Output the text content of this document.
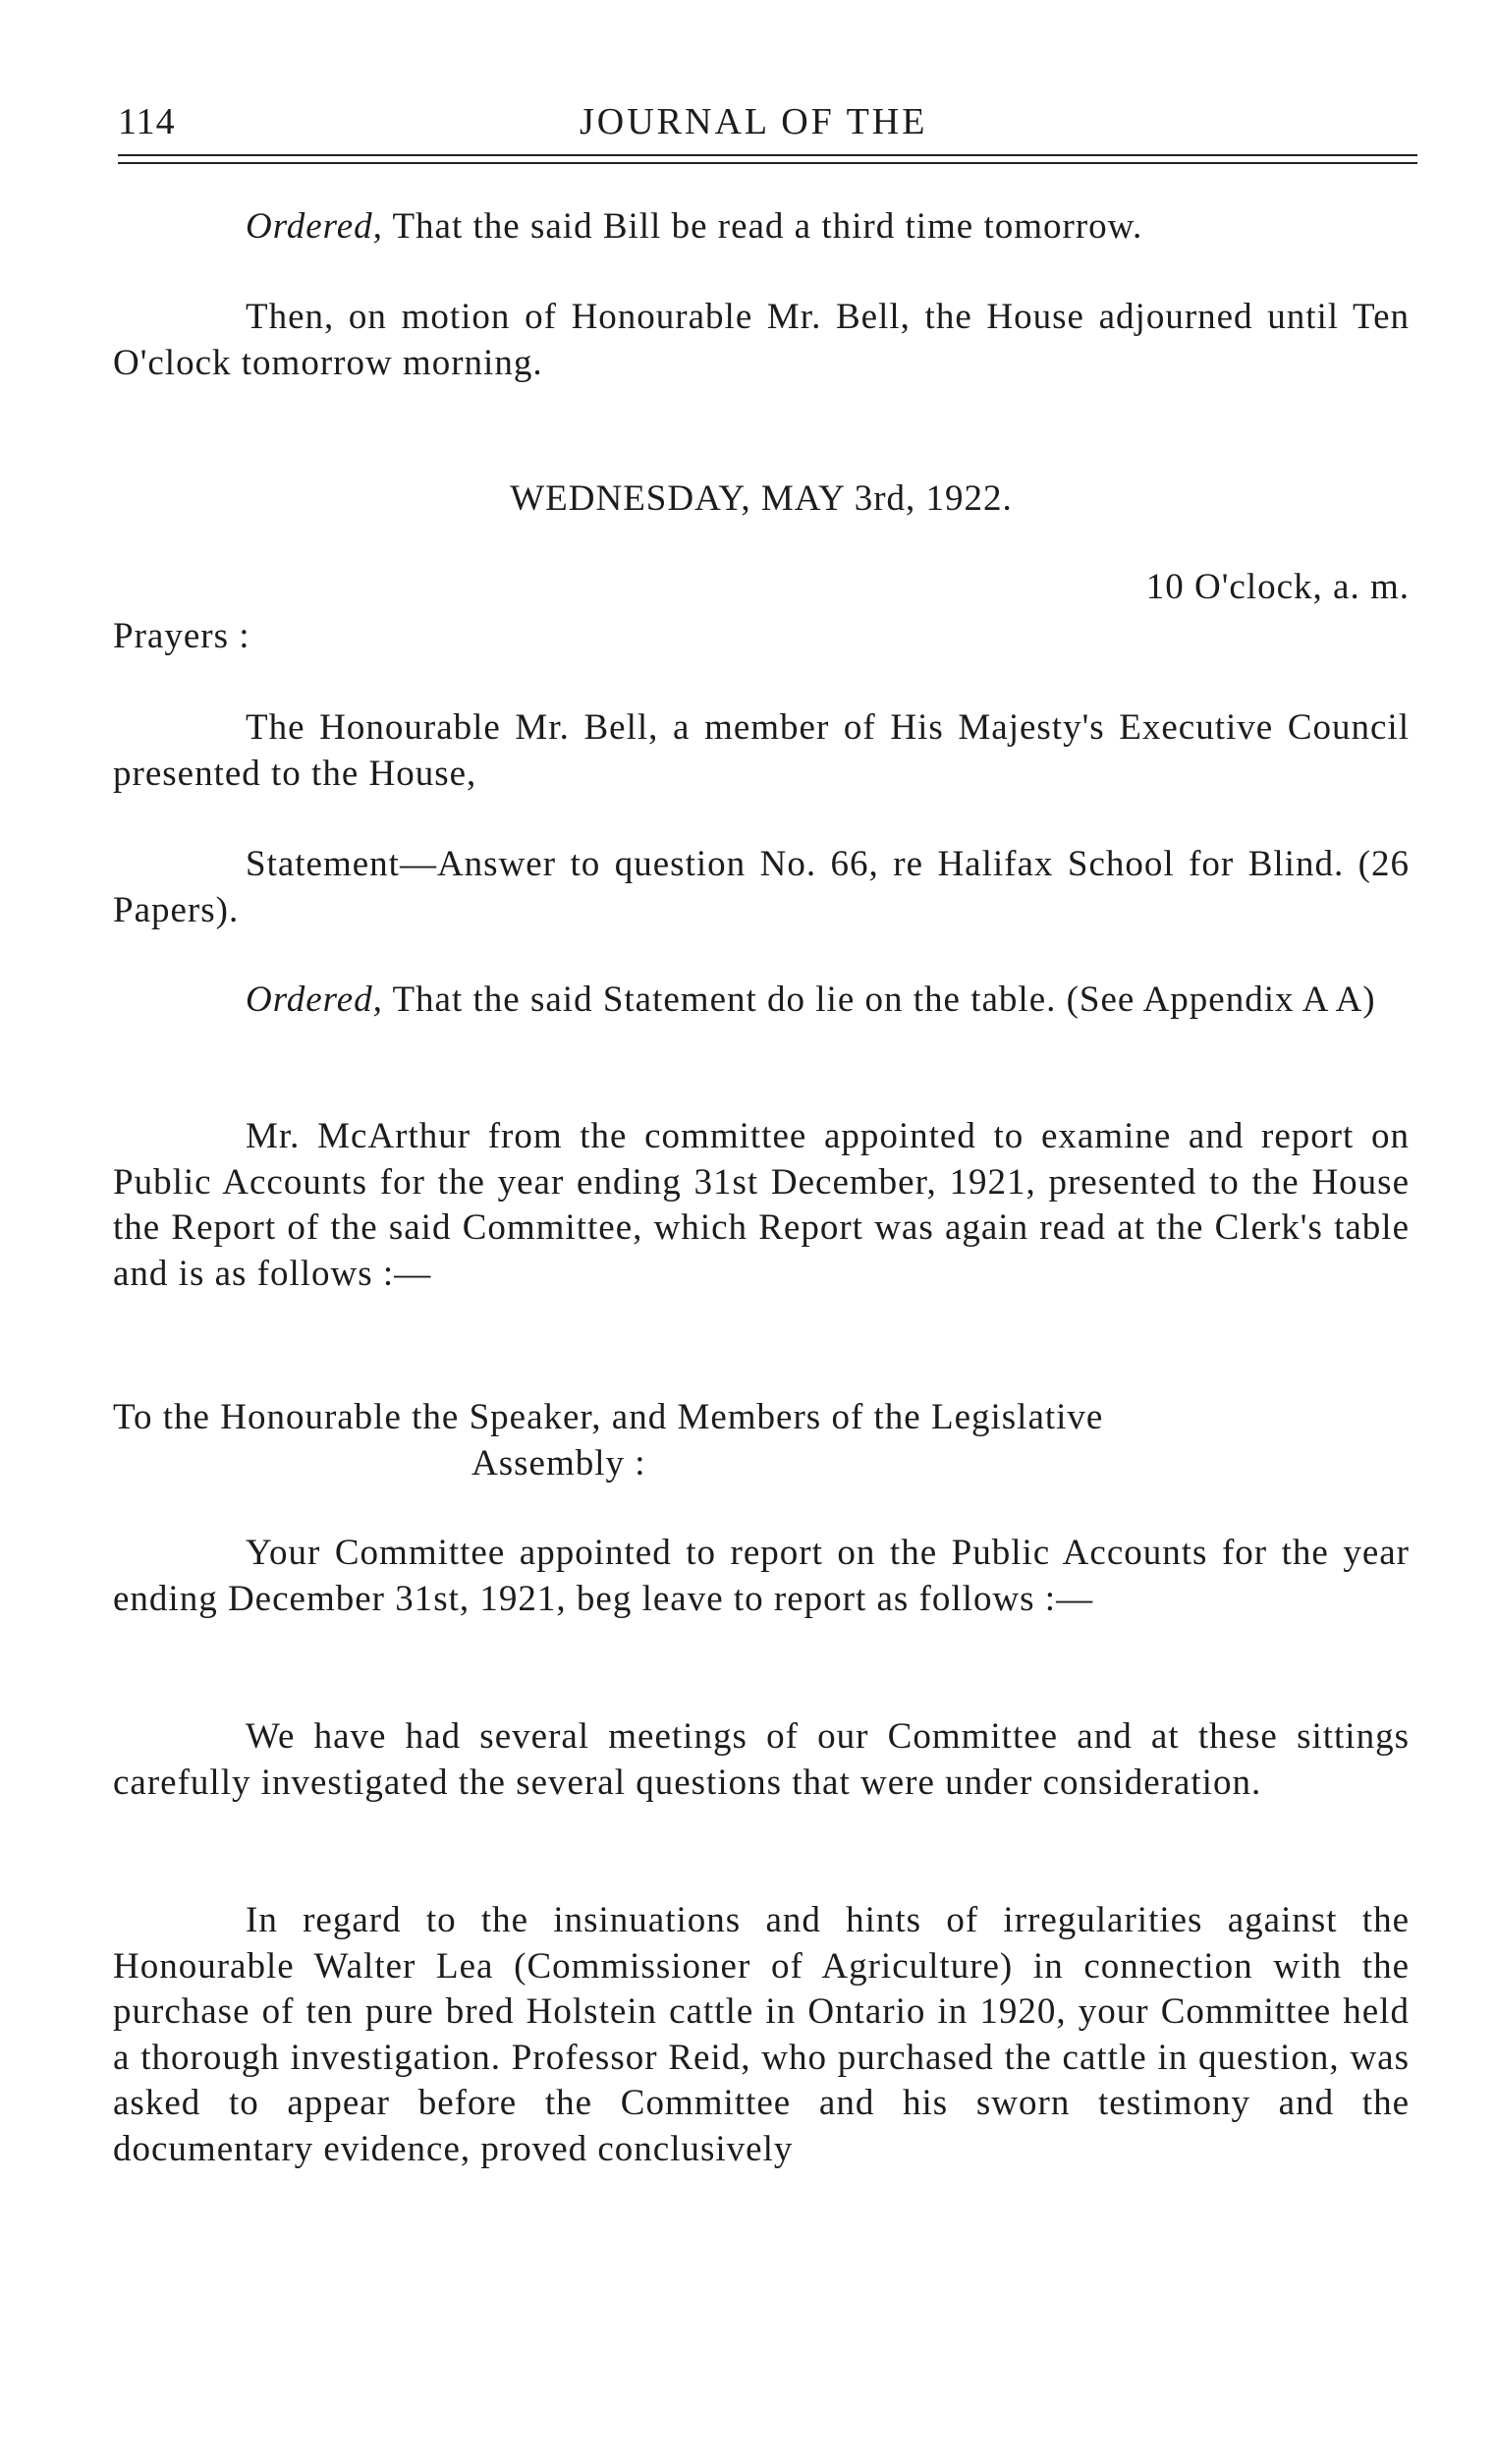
114	JOURNAL OF THE

Ordered, That the said Bill be read a third time tomorrow.

Then, on motion of Honourable Mr. Bell, the House adjourned until Ten O'clock tomorrow morning.

WEDNESDAY, MAY 3rd, 1922.

10 O'clock, a. m.

Prayers :

The Honourable Mr. Bell, a member of His Majesty's Executive Council presented to the House,

Statement—Answer to question No. 66, re Halifax School for Blind. (26 Papers).

Ordered, That the said Statement do lie on the table. (See Appendix A A)

Mr. McArthur from the committee appointed to examine and report on Public Accounts for the year ending 31st December, 1921, presented to the House the Report of the said Committee, which Report was again read at the Clerk's table and is as follows :—

To the Honourable the Speaker, and Members of the Legislative
Assembly :

Your Committee appointed to report on the Public Accounts for the year ending December 31st, 1921, beg leave to report as follows :—

We have had several meetings of our Committee and at these sittings carefully investigated the several questions that were under consideration.

In regard to the insinuations and hints of irregularities against the Honourable Walter Lea (Commissioner of Agriculture) in connection with the purchase of ten pure bred Holstein cattle in Ontario in 1920, your Committee held a thorough investigation. Professor Reid, who purchased the cattle in question, was asked to appear before the Committee and his sworn testimony and the documentary evidence, proved conclusively
